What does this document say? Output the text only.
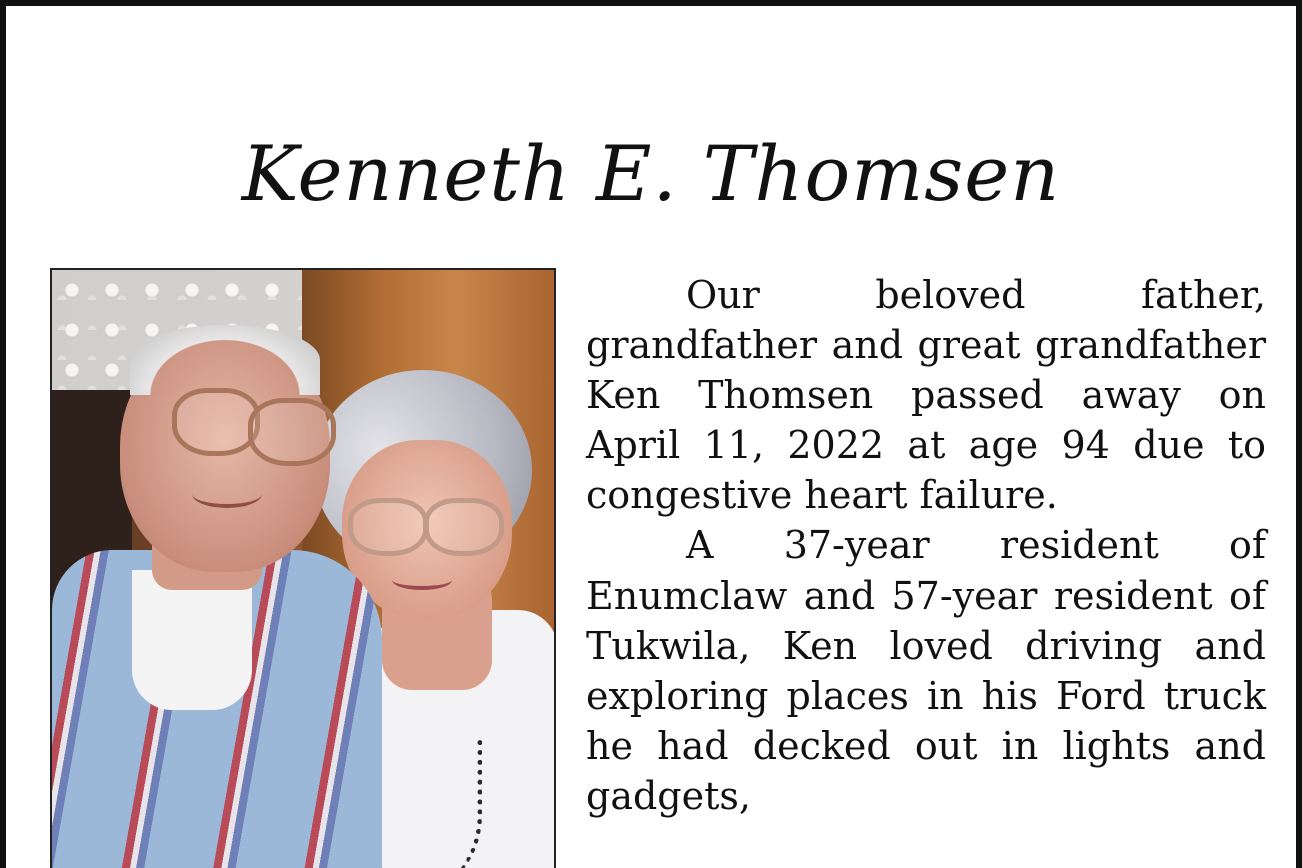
Kenneth E. Thomsen

Our beloved father, grandfather and great grandfather Ken Thomsen passed away on April 11, 2022 at age 94 due to congestive heart failure.

A 37-year resident of Enumclaw and 57-year resident of Tukwila, Ken loved driving and exploring places in his Ford truck he had decked out in lights and gadgets,
